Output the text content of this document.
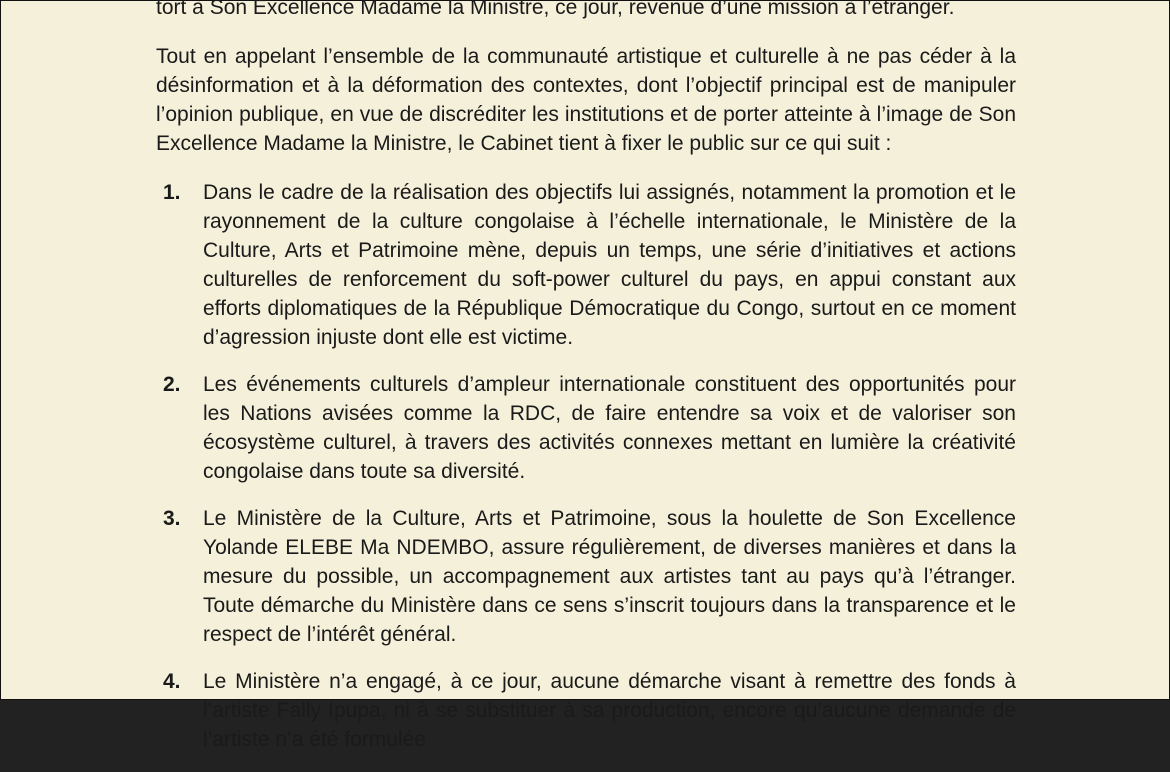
tort à Son Excellence Madame la Ministre, ce jour, revenue d’une mission à l’étranger.

Tout en appelant l’ensemble de la communauté artistique et culturelle à ne pas céder à la désinformation et à la déformation des contextes, dont l’objectif principal est de manipuler l’opinion publique, en vue de discréditer les institutions et de porter atteinte à l’image de Son Excellence Madame la Ministre, le Cabinet tient à fixer le public sur ce qui suit :

1.	Dans le cadre de la réalisation des objectifs lui assignés, notamment la promotion et le rayonnement de la culture congolaise à l’échelle internationale, le Ministère de la Culture, Arts et Patrimoine mène, depuis un temps, une série d’initiatives et actions culturelles de renforcement du soft-power culturel du pays, en appui constant aux efforts diplomatiques de la République Démocratique du Congo, surtout en ce moment d’agression injuste dont elle est victime.
2.	Les événements culturels d’ampleur internationale constituent des opportunités pour les Nations avisées comme la RDC, de faire entendre sa voix et de valoriser son écosystème culturel, à travers des activités connexes mettant en lumière la créativité congolaise dans toute sa diversité.
3.	Le Ministère de la Culture, Arts et Patrimoine, sous la houlette de Son Excellence Yolande ELEBE Ma NDEMBO, assure régulièrement, de diverses manières et dans la mesure du possible, un accompagnement aux artistes tant au pays qu’à l’étranger. Toute démarche du Ministère dans ce sens s’inscrit toujours dans la transparence et le respect de l’intérêt général.
4.	Le Ministère n’a engagé, à ce jour, aucune démarche visant à remettre des fonds à l’artiste Fally Ipupa, ni à se substituer à sa production, encore qu’aucune demande de l’artiste n’a été formulée
